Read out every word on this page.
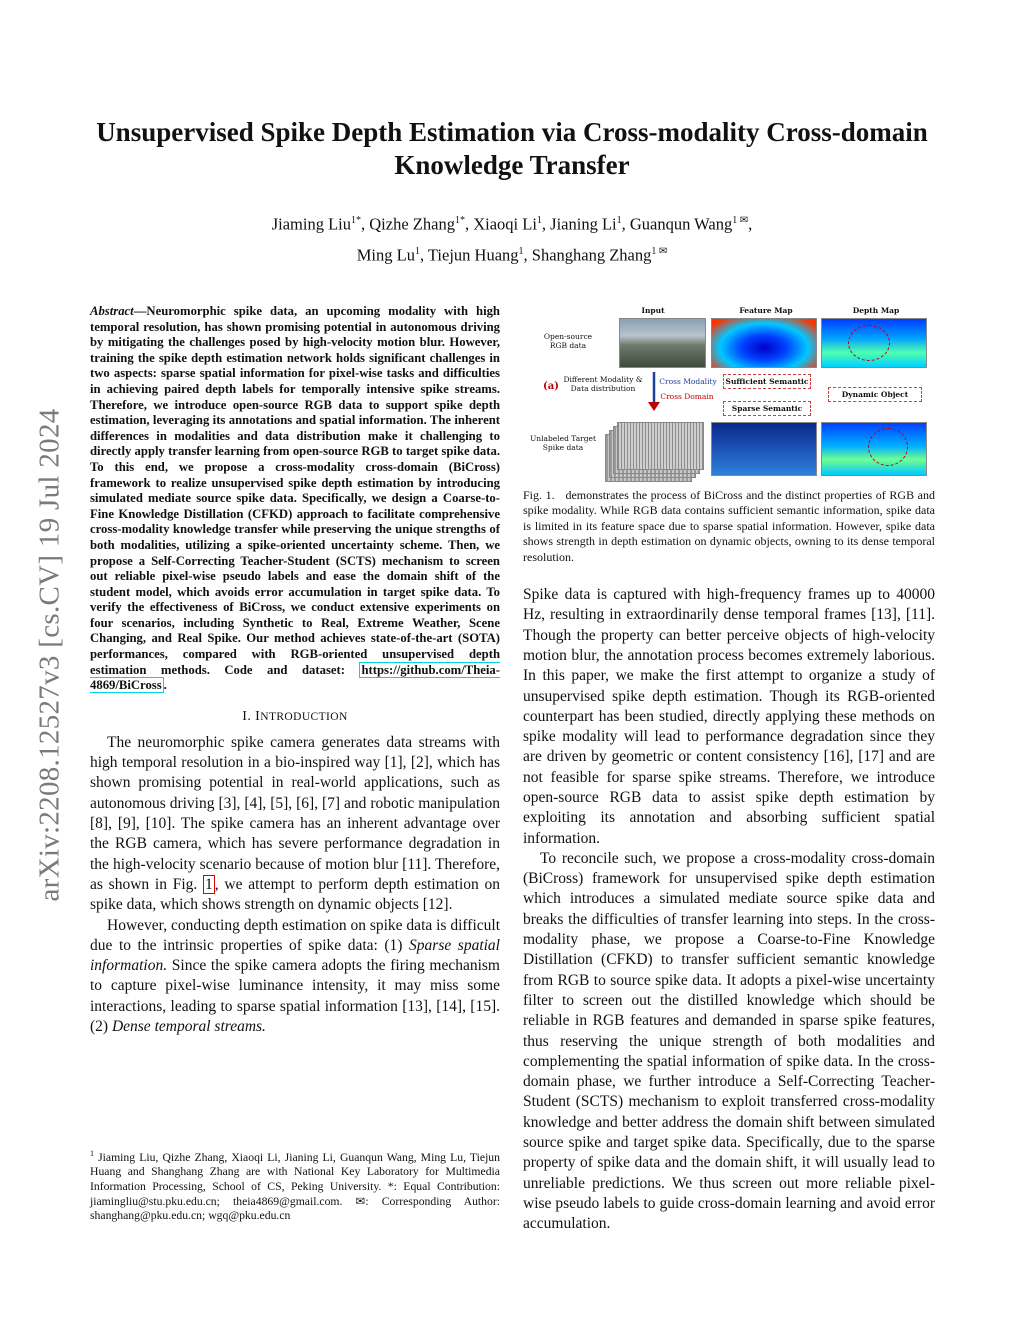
arXiv:2208.12527v3 [cs.CV] 19 Jul 2024
Unsupervised Spike Depth Estimation via Cross-modality Cross-domain Knowledge Transfer
Jiaming Liu$^{1*}$, Qizhe Zhang$^{1*}$, Xiaoqi Li$^1$, Jianing Li$^1$, Guanqun Wang$^{1 ✉}$,
Ming Lu$^1$, Tiejun Huang$^1$, Shanghang Zhang$^{1 ✉}$

Abstract—Neuromorphic spike data, an upcoming modality with high temporal resolution, has shown promising potential in autonomous driving by mitigating the challenges posed by high-velocity motion blur. However, training the spike depth estimation network holds significant challenges in two aspects: sparse spatial information for pixel-wise tasks and difficulties in achieving paired depth labels for temporally intensive spike streams. Therefore, we introduce open-source RGB data to support spike depth estimation, leveraging its annotations and spatial information. The inherent differences in modalities and data distribution make it challenging to directly apply transfer learning from open-source RGB to target spike data. To this end, we propose a cross-modality cross-domain (BiCross) framework to realize unsupervised spike depth estimation by introducing simulated mediate source spike data. Specifically, we design a Coarse-to-Fine Knowledge Distillation (CFKD) approach to facilitate comprehensive cross-modality knowledge transfer while preserving the unique strengths of both modalities, utilizing a spike-oriented uncertainty scheme. Then, we propose a Self-Correcting Teacher-Student (SCTS) mechanism to screen out reliable pixel-wise pseudo labels and ease the domain shift of the student model, which avoids error accumulation in target spike data. To verify the effectiveness of BiCross, we conduct extensive experiments on four scenarios, including Synthetic to Real, Extreme Weather, Scene Changing, and Real Spike. Our method achieves state-of-the-art (SOTA) performances, compared with RGB-oriented unsupervised depth estimation methods. Code and dataset: https://github.com/Theia-4869/BiCross .

I. INTRODUCTION

The neuromorphic spike camera generates data streams with high temporal resolution in a bio-inspired way [1], [2], which has shown promising potential in real-world applications, such as autonomous driving [3], [4], [5], [6], [7] and robotic manipulation [8], [9], [10]. The spike camera has an inherent advantage over the RGB camera, which has severe performance degradation in the high-velocity scenario because of motion blur [11]. Therefore, as shown in Fig. 1 , we attempt to perform depth estimation on spike data, which shows strength on dynamic objects [12].

However, conducting depth estimation on spike data is difficult due to the intrinsic properties of spike data: (1) Sparse spatial information. Since the spike camera adopts the firing mechanism to capture pixel-wise luminance intensity, it may miss some interactions, leading to sparse spatial information [13], [14], [15]. (2) Dense temporal streams.

$^1$ Jiaming Liu, Qizhe Zhang, Xiaoqi Li, Jianing Li, Guanqun Wang, Ming Lu, Tiejun Huang and Shanghang Zhang are with National Key Laboratory for Multimedia Information Processing, School of CS, Peking University. *: Equal Contribution: jiamingliu@stu.pku.edu.cn; theia4869@gmail.com. ✉: Corresponding Author: shanghang@pku.edu.cn; wgq@pku.edu.cn
Input	Feature Map	Depth Map
Open-source RGB data
Different Modality & Data distribution
Unlabeled Target Spike data
(a)	Cross Modality
Cross Domain
Sufficient Semantic
Sparse Semantic
Dynamic Object

Fig. 1. demonstrates the process of BiCross and the distinct properties of RGB and spike modality. While RGB data contains sufficient semantic information, spike data is limited in its feature space due to sparse spatial information. However, spike data shows strength in depth estimation on dynamic objects, owning to its dense temporal resolution.

Spike data is captured with high-frequency frames up to 40000 Hz, resulting in extraordinarily dense temporal frames [13], [11]. Though the property can better perceive objects of high-velocity motion blur, the annotation process becomes extremely laborious. In this paper, we make the first attempt to organize a study of unsupervised spike depth estimation. Though its RGB-oriented counterpart has been studied, directly applying these methods on spike modality will lead to performance degradation since they are driven by geometric or content consistency [16], [17] and are not feasible for sparse spike streams. Therefore, we introduce open-source RGB data to assist spike depth estimation by exploiting its annotation and absorbing sufficient spatial information.

To reconcile such, we propose a cross-modality cross-domain (BiCross) framework for unsupervised spike depth estimation which introduces a simulated mediate source spike data and breaks the difficulties of transfer learning into steps. In the cross-modality phase, we propose a Coarse-to-Fine Knowledge Distillation (CFKD) to transfer sufficient semantic knowledge from RGB to source spike data. It adopts a pixel-wise uncertainty filter to screen out the distilled knowledge which should be reliable in RGB features and demanded in sparse spike features, thus reserving the unique strength of both modalities and complementing the spatial information of spike data. In the cross-domain phase, we further introduce a Self-Correcting Teacher-Student (SCTS) mechanism to exploit transferred cross-modality knowledge and better address the domain shift between simulated source spike and target spike data. Specifically, due to the sparse property of spike data and the domain shift, it will usually lead to unreliable predictions. We thus screen out more reliable pixel-wise pseudo labels to guide cross-domain learning and avoid error accumulation.
